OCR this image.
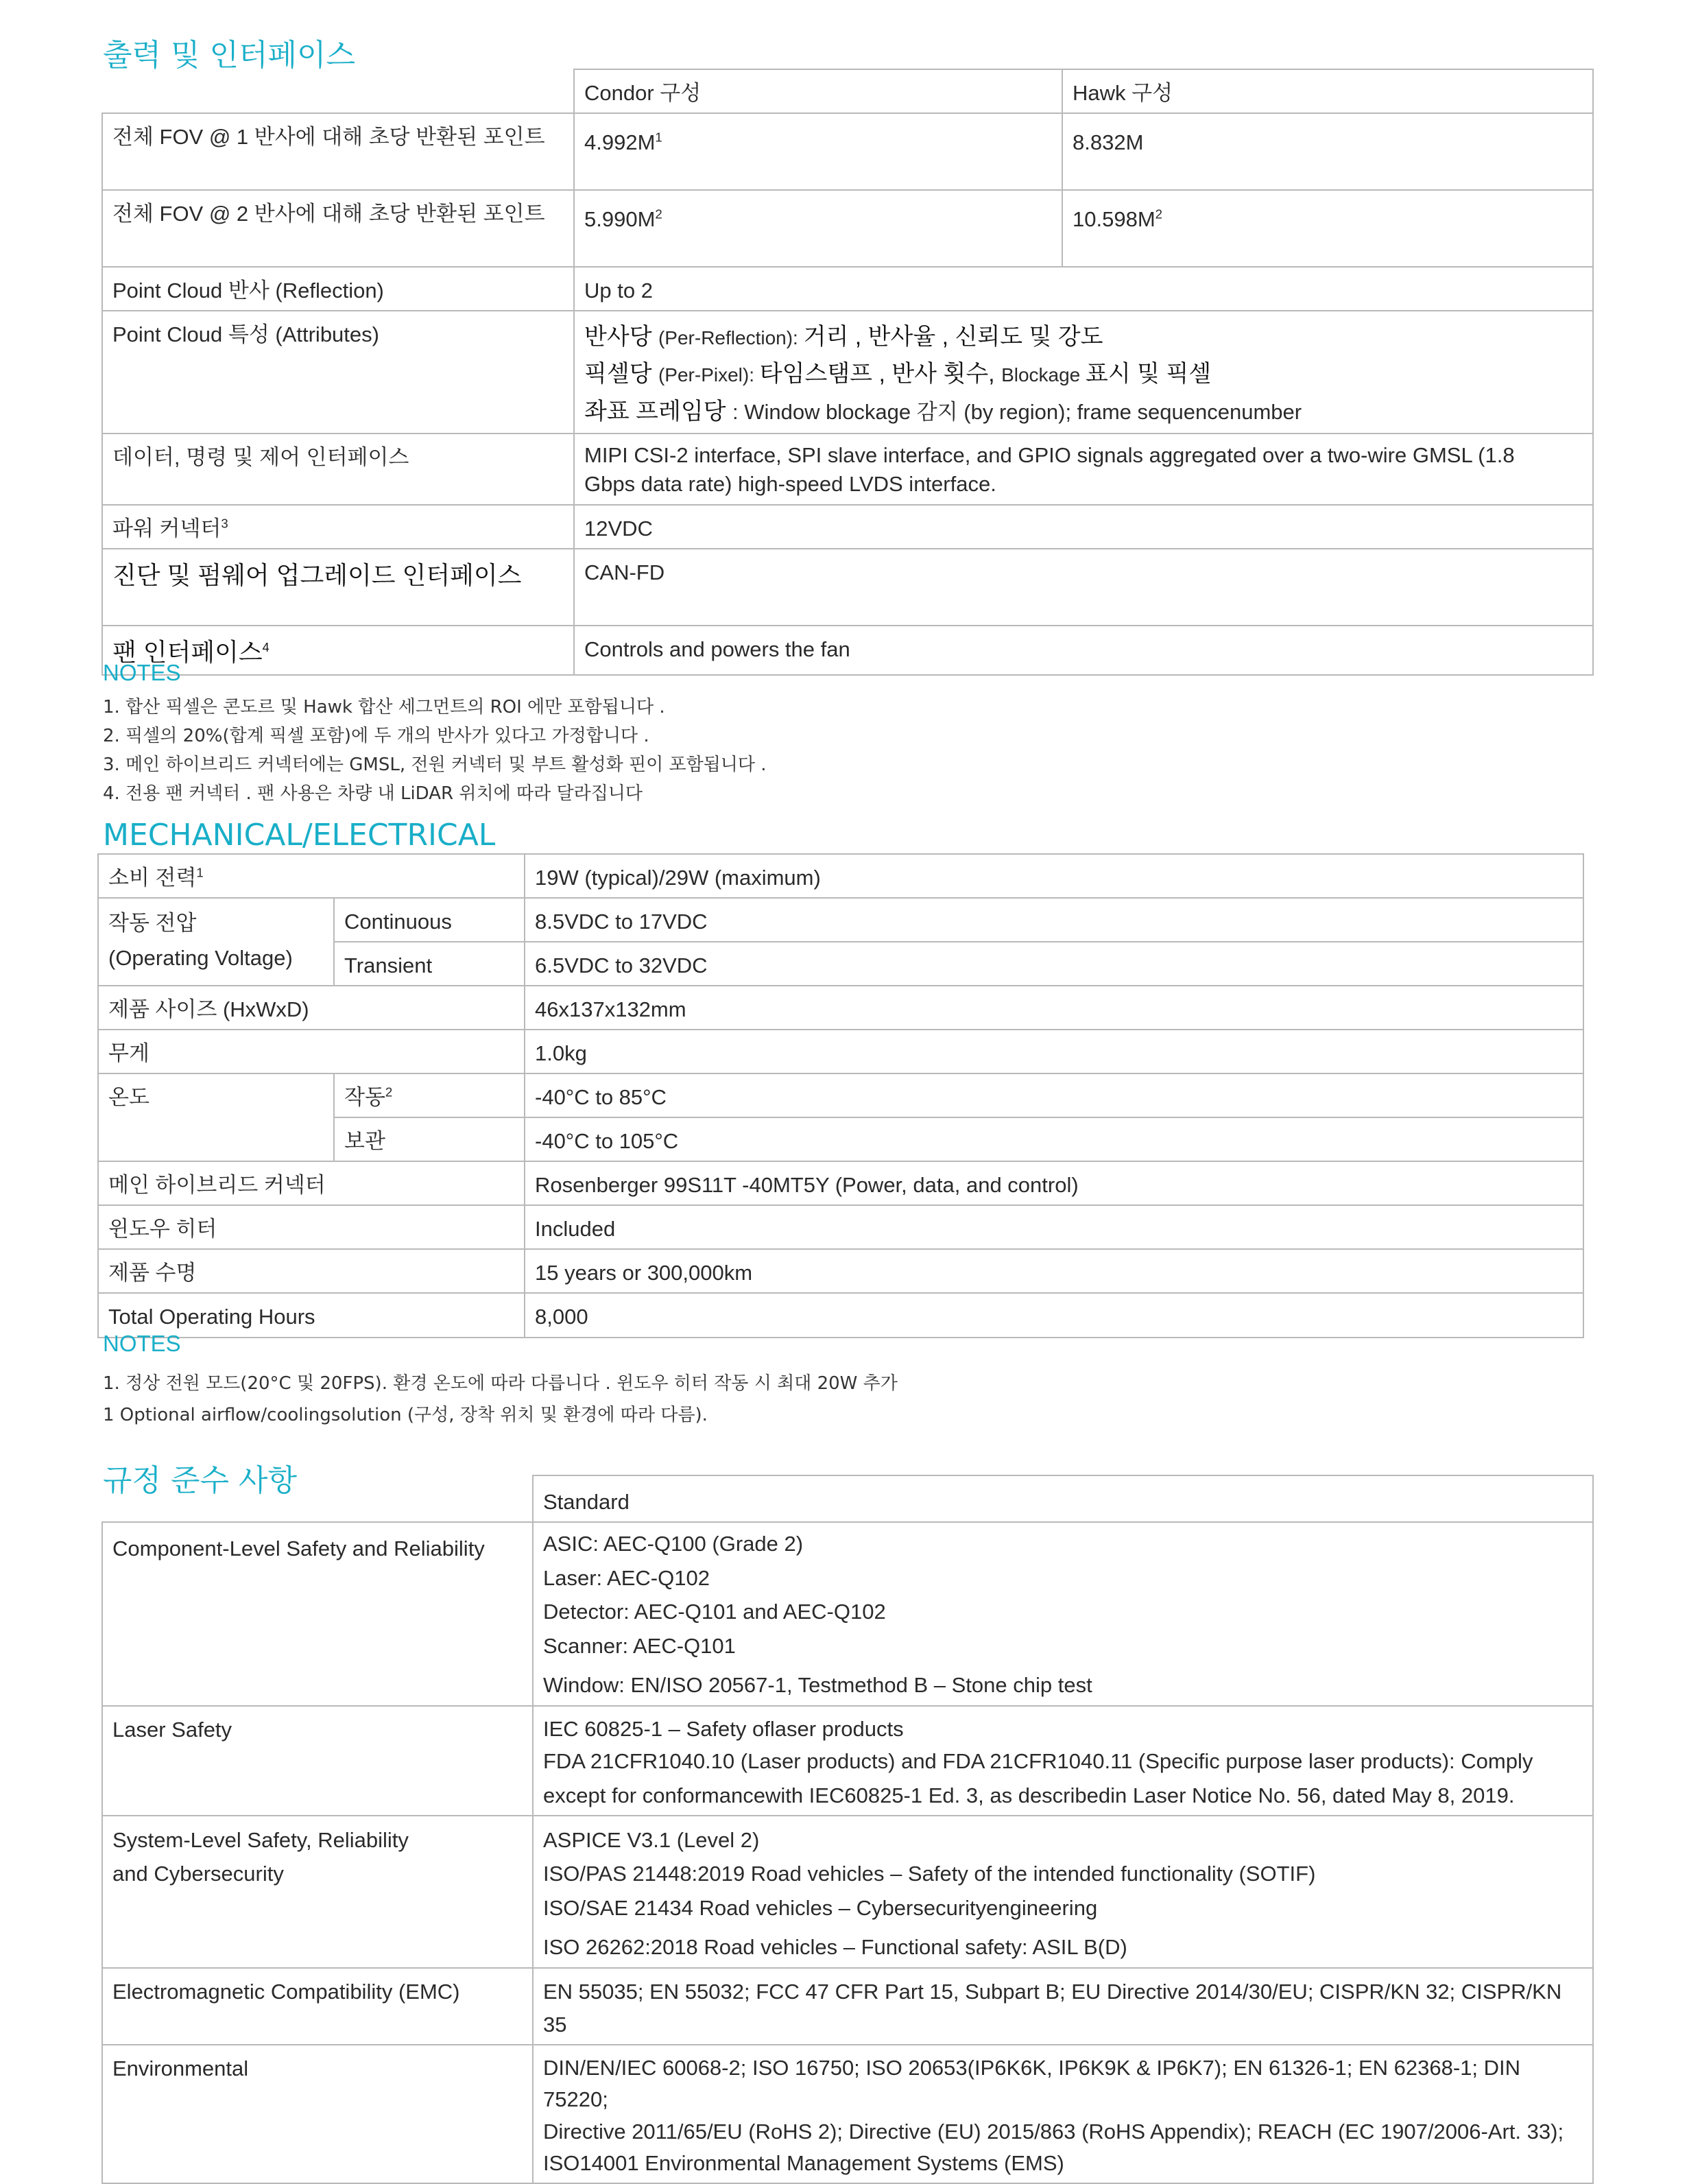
출력 및 인터페이스
	Condor 구성	Hawk 구성
전체 FOV @ 1 반사에 대해 초당 반환된 포인트	$4.992M^1$	8.832M
전체 FOV @ 2 반사에 대해 초당 반환된 포인트	$5.990M^2$	$10.598M^2$
Point Cloud 반사 (Reflection)	Up to 2	
Point Cloud 특성 (Attributes)	반사당 (Per-Reflection): 거리 , 반사율 , 신뢰도 및 강도
픽셀당 (Per-Pixel): 타임스탬프 , 반사 횟수, Blockage 표시 및 픽셀
좌표 프레임당 : Window blockage 감지 (by region); frame sequencenumber	

데이터, 명령 및 제어 인터페이스	MIPI CSI-2 interface, SPI slave interface, and GPIO signals aggregated over a two-wire GMSL (1.8
Gbps data rate) high-speed LVDS interface.	

파워 커넥터$^3$	12VDC	
진단 및 펌웨어 업그레이드 인터페이스	CAN-FD	
팬 인터페이스$^4$	Controls and powers the fan	
NOTES
1. 합산 픽셀은 콘도르 및 Hawk 합산 세그먼트의 ROI 에만 포함됩니다 .
2. 픽셀의 20%(합계 픽셀 포함)에 두 개의 반사가 있다고 가정합니다 .
3. 메인 하이브리드 커넥터에는 GMSL, 전원 커넥터 및 부트 활성화 핀이 포함됩니다 .
4. 전용 팬 커넥터 . 팬 사용은 차량 내 LiDAR 위치에 따라 달라집니다
MECHANICAL/ELECTRICAL
소비 전력$^1$		19W (typical)/29W (maximum)

작동 전압
(Operating Voltage)	Continuous	8.5VDC to 17VDC
	Transient	6.5VDC to 32VDC
제품 사이즈 (HxWxD)		46x137x132mm
무게		1.0kg
온도	작동$^2$	-40°C to 85°C
	보관	-40°C to 105°C
메인 하이브리드 커넥터		Rosenberger 99S11T -40MT5Y (Power, data, and control)
윈도우 히터		Included
제품 수명		15 years or 300,000km
Total Operating Hours		8,000
NOTES
1. 정상 전원 모드(20°C 및 20FPS). 환경 온도에 따라 다릅니다 . 윈도우 히터 작동 시 최대 20W 추가
1 Optional airflow/coolingsolution (구성, 장착 위치 및 환경에 따라 다름).
규정 준수 사항
	Standard
Component-Level Safety and Reliability	ASIC: AEC-Q100 (Grade 2)
Laser: AEC-Q102
Detector: AEC-Q101 and AEC-Q102
Scanner: AEC-Q101
Window: EN/ISO 20567-1, Testmethod B – Stone chip test

Laser Safety	IEC 60825-1 – Safety oflaser products
FDA 21CFR1040.10 (Laser products) and FDA 21CFR1040.11 (Specific purpose laser products): Comply
except for conformancewith IEC60825-1 Ed. 3, as describedin Laser Notice No. 56, dated May 8, 2019.

System-Level Safety, Reliability
and Cybersecurity	ASPICE V3.1 (Level 2)
ISO/PAS 21448:2019 Road vehicles – Safety of the intended functionality (SOTIF)
ISO/SAE 21434 Road vehicles – Cybersecurityengineering
ISO 26262:2018 Road vehicles – Functional safety: ASIL B(D)

Electromagnetic Compatibility (EMC)	EN 55035; EN 55032; FCC 47 CFR Part 15, Subpart B; EU Directive 2014/30/EU; CISPR/KN 32; CISPR/KN 35
Environmental	DIN/EN/IEC 60068-2; ISO 16750; ISO 20653(IP6K6K, IP6K9K & IP6K7); EN 61326-1; EN 62368-1; DIN 75220;
Directive 2011/65/EU (RoHS 2); Directive (EU) 2015/863 (RoHS Appendix); REACH (EC 1907/2006-Art. 33);
ISO14001 Environmental Management Systems (EMS)
